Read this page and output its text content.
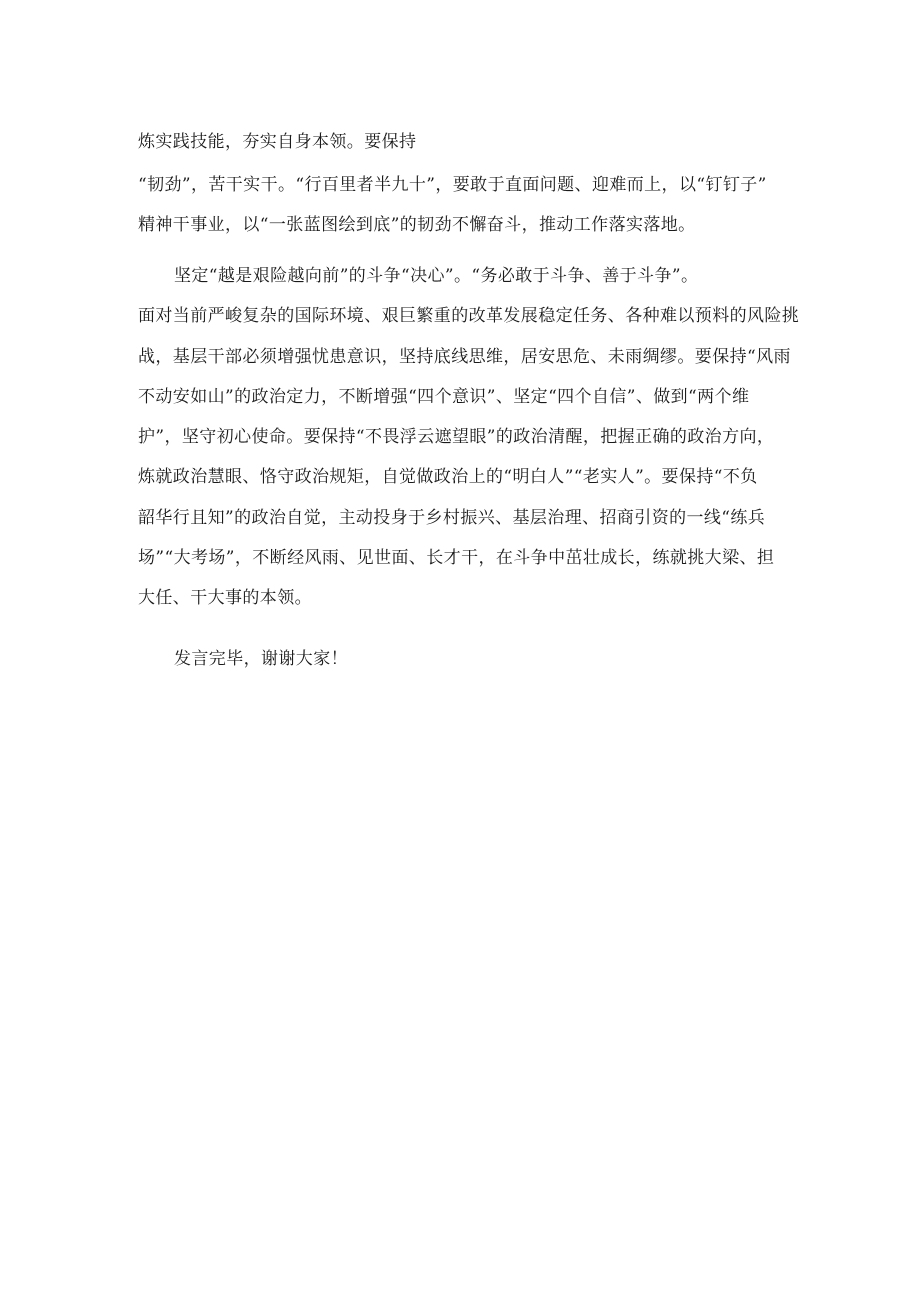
炼实践技能，夯实自身本领。要保持
“韧劲”，苦干实干。“行百里者半九十”，要敢于直面问题、迎难而上，以“钉钉子”
精神干事业，以“一张蓝图绘到底”的韧劲不懈奋斗，推动工作落实落地。
坚定“越是艰险越向前”的斗争“决心”。“务必敢于斗争、善于斗争”。
面对当前严峻复杂的国际环境、艰巨繁重的改革发展稳定任务、各种难以预料的风险挑
战，基层干部必须增强忧患意识，坚持底线思维，居安思危、未雨绸缪。要保持“风雨
不动安如山”的政治定力，不断增强“四个意识”、坚定“四个自信”、做到“两个维
护”，坚守初心使命。要保持“不畏浮云遮望眼”的政治清醒，把握正确的政治方向，
炼就政治慧眼、恪守政治规矩，自觉做政治上的“明白人”“老实人”。要保持“不负
韶华行且知”的政治自觉，主动投身于乡村振兴、基层治理、招商引资的一线“练兵
场”“大考场”，不断经风雨、见世面、长才干，在斗争中茁壮成长，练就挑大梁、担
大任、干大事的本领。
发言完毕，谢谢大家！
